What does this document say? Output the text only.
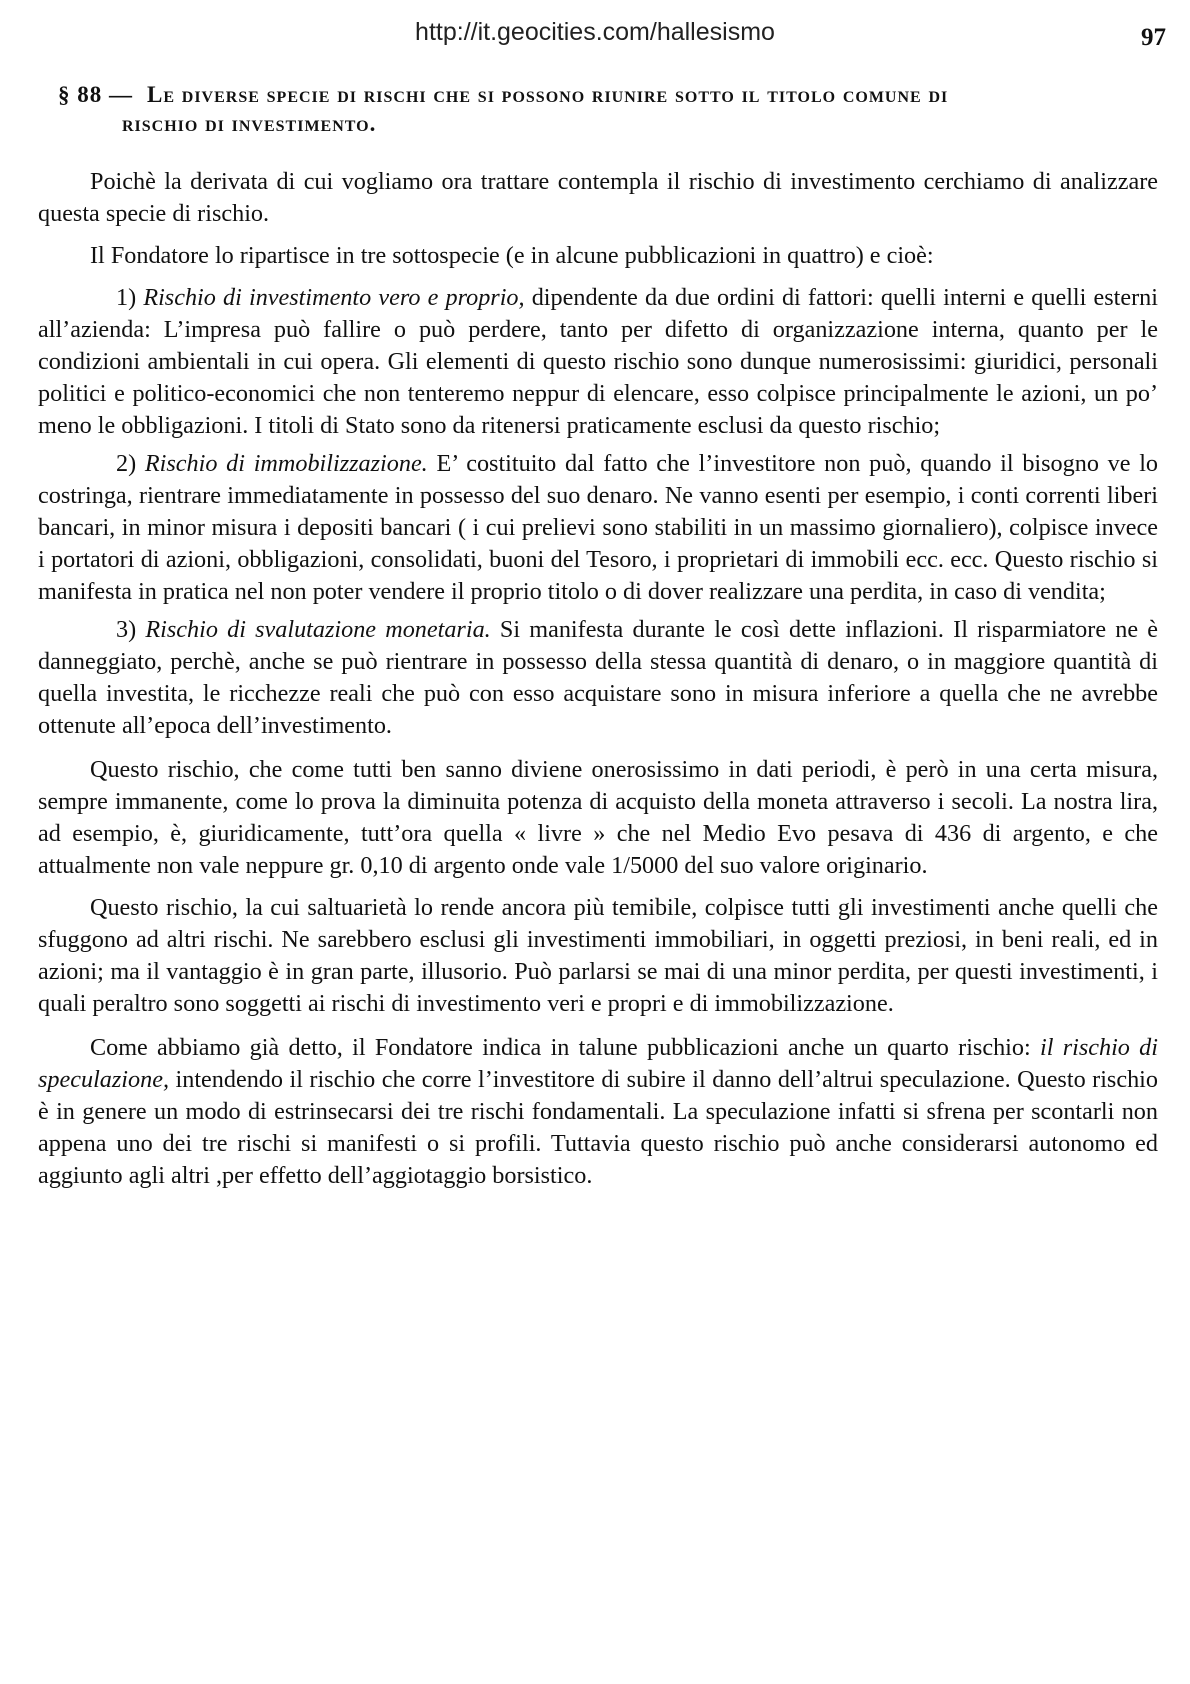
http://it.geocities.com/hallesismo	97
§ 88 — Le diverse specie di rischi che si possono riunire sotto il titolo comune di
rischio di investimento.

Poichè la derivata di cui vogliamo ora trattare contempla il rischio di investimento cerchiamo di analizzare questa specie di rischio.

Il Fondatore lo ripartisce in tre sottospecie (e in alcune pubblicazioni in quattro) e cioè:

1) Rischio di investimento vero e proprio, dipendente da due ordini di fattori: quelli interni e quelli esterni all’azienda: L’impresa può fallire o può perdere, tanto per difetto di organizzazione interna, quanto per le condizioni ambientali in cui opera. Gli elementi di questo rischio sono dunque numerosissimi: giuridici, personali politici e politico-economici che non tenteremo neppur di elencare, esso colpisce principalmente le azioni, un po’ meno le obbligazioni. I titoli di Stato sono da ritenersi praticamente esclusi da questo rischio;

2) Rischio di immobilizzazione. E’ costituito dal fatto che l’investitore non può, quando il bisogno ve lo costringa, rientrare immediatamente in possesso del suo denaro. Ne vanno esenti per esempio, i conti correnti liberi bancari, in minor misura i depositi bancari ( i cui prelievi sono stabiliti in un massimo giornaliero), colpisce invece i portatori di azioni, obbligazioni, consolidati, buoni del Tesoro, i proprietari di immobili ecc. ecc. Questo rischio si manifesta in pratica nel non poter vendere il proprio titolo o di dover realizzare una perdita, in caso di vendita;

3) Rischio di svalutazione monetaria. Si manifesta durante le così dette inflazioni. Il risparmiatore ne è danneggiato, perchè, anche se può rientrare in possesso della stessa quantità di denaro, o in maggiore quantità di quella investita, le ricchezze reali che può con esso acquistare sono in misura inferiore a quella che ne avrebbe ottenute all’epoca dell’investimento.

Questo rischio, che come tutti ben sanno diviene onerosissimo in dati periodi, è però in una certa misura, sempre immanente, come lo prova la diminuita potenza di acquisto della moneta attraverso i secoli. La nostra lira, ad esempio, è, giuridicamente, tutt’ora quella « livre » che nel Medio Evo pesava di 436 di argento, e che attualmente non vale neppure gr. 0,10 di argento onde vale 1/5000 del suo valore originario.

Questo rischio, la cui saltuarietà lo rende ancora più temibile, colpisce tutti gli investimenti anche quelli che sfuggono ad altri rischi. Ne sarebbero esclusi gli investimenti immobiliari, in oggetti preziosi, in beni reali, ed in azioni; ma il vantaggio è in gran parte, illusorio. Può parlarsi se mai di una minor perdita, per questi investimenti, i quali peraltro sono soggetti ai rischi di investimento veri e propri e di immobilizzazione.

Come abbiamo già detto, il Fondatore indica in talune pubblicazioni anche un quarto rischio: il rischio di speculazione, intendendo il rischio che corre l’investitore di subire il danno dell’altrui speculazione. Questo rischio è in genere un modo di estrinsecarsi dei tre rischi fondamentali. La speculazione infatti si sfrena per scontarli non appena uno dei tre rischi si manifesti o si profili. Tuttavia questo rischio può anche considerarsi autonomo ed aggiunto agli altri ,per effetto dell’aggiotaggio borsistico.
